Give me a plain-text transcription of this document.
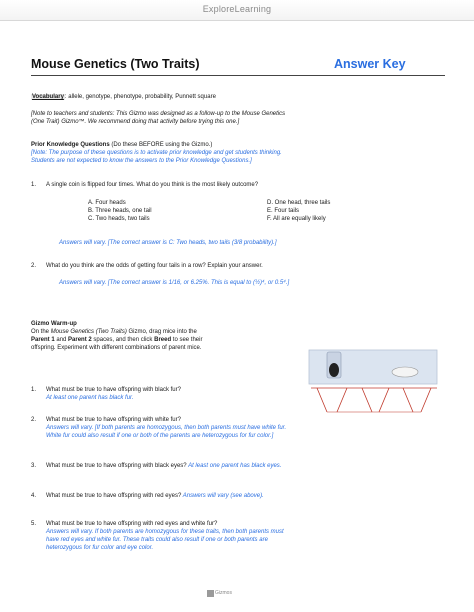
ExploreLearning
Mouse Genetics (Two Traits)	Answer Key
Vocabulary: allele, genotype, phenotype, probability, Punnett square
[Note to teachers and students: This Gizmo was designed as a follow-up to the Mouse Genetics
(One Trait) Gizmo™. We recommend doing that activity before trying this one.]
Prior Knowledge Questions (Do these BEFORE using the Gizmo.)
[Note: The purpose of these questions is to activate prior knowledge and get students thinking.
Students are not expected to know the answers to the Prior Knowledge Questions.]
1. A single coin is flipped four times. What do you think is the most likely outcome?
A. Four heads
B. Three heads, one tail
C. Two heads, two tails
D. One head, three tails
E. Four tails
F. All are equally likely
Answers will vary. [The correct answer is C: Two heads, two tails (3/8 probability).]
2. What do you think are the odds of getting four tails in a row? Explain your answer.
Answers will vary. [The correct answer is 1/16, or 6.25%. This is equal to (½)⁴, or 0.5⁴.]
Gizmo Warm-up
On the Mouse Genetics (Two Traits) Gizmo, drag mice into the
Parent 1 and Parent 2 spaces, and then click Breed to see their
offspring. Experiment with different combinations of parent mice.
1. What must be true to have offspring with black fur?
At least one parent has black fur.
2. What must be true to have offspring with white fur?
Answers will vary. [If both parents are homozygous, then both parents must have white fur.
White fur could also result if one or both of the parents are heterozygous for fur color.]
3. What must be true to have offspring with black eyes? At least one parent has black eyes.
4. What must be true to have offspring with red eyes? Answers will vary (see above).
5. What must be true to have offspring with red eyes and white fur?
Answers will vary. If both parents are homozygous for these traits, then both parents must
have red eyes and white fur. These traits could also result if one or both parents are
heterozygous for fur color and eye color.
Gizmos
